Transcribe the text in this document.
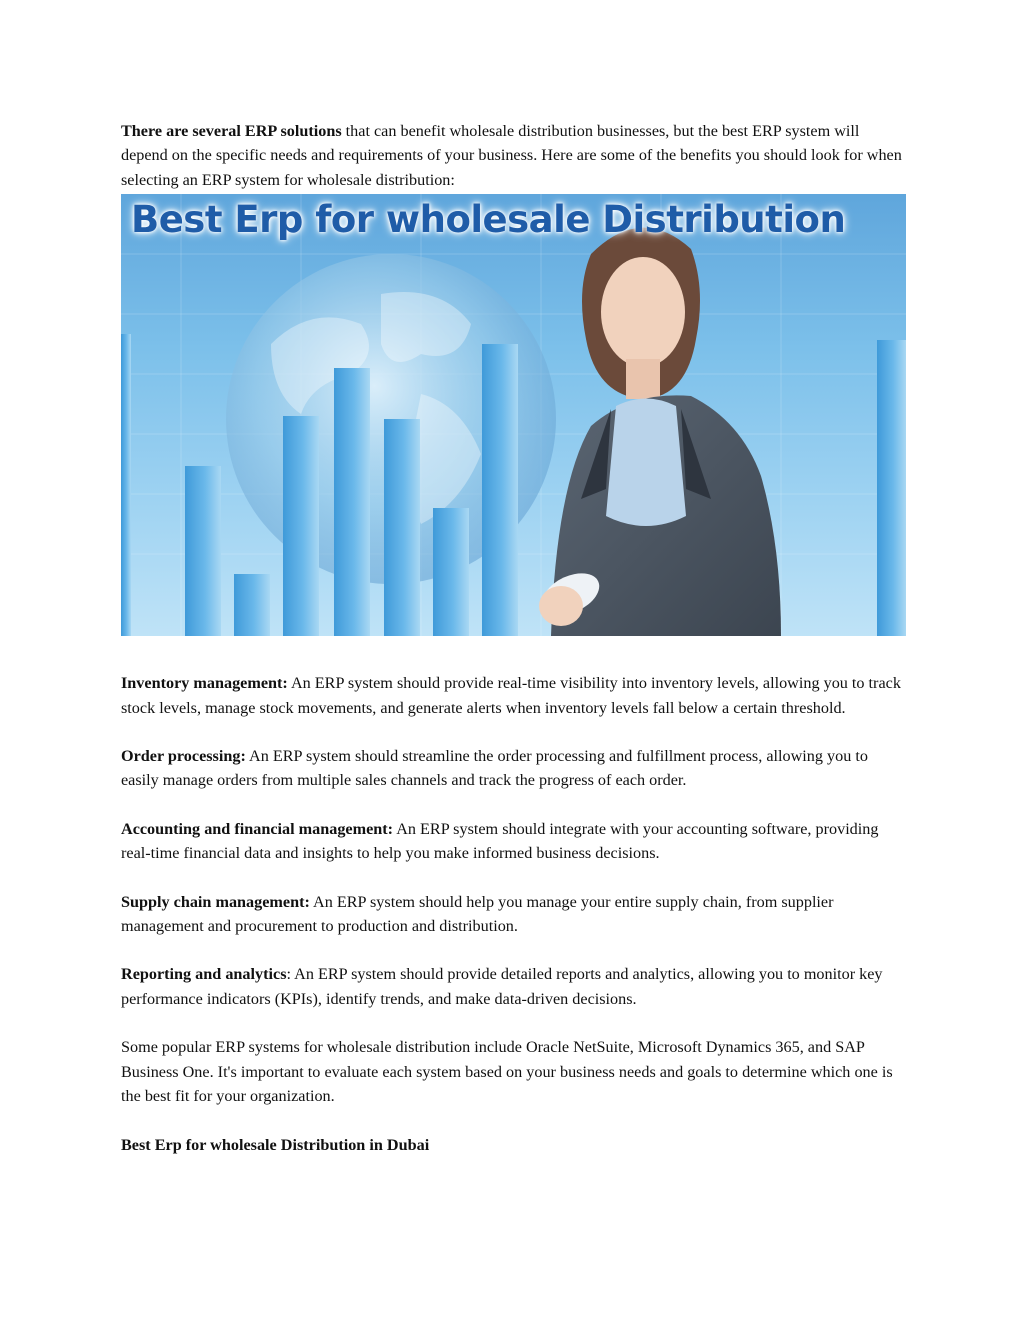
There are several ERP solutions that can benefit wholesale distribution businesses, but the best ERP system will depend on the specific needs and requirements of your business. Here are some of the benefits you should look for when selecting an ERP system for wholesale distribution:

Best Erp for wholesale Distribution

Inventory management: An ERP system should provide real-time visibility into inventory levels, allowing you to track stock levels, manage stock movements, and generate alerts when inventory levels fall below a certain threshold.

Order processing: An ERP system should streamline the order processing and fulfillment process, allowing you to easily manage orders from multiple sales channels and track the progress of each order.

Accounting and financial management: An ERP system should integrate with your accounting software, providing real-time financial data and insights to help you make informed business decisions.

Supply chain management: An ERP system should help you manage your entire supply chain, from supplier management and procurement to production and distribution.

Reporting and analytics: An ERP system should provide detailed reports and analytics, allowing you to monitor key performance indicators (KPIs), identify trends, and make data-driven decisions.

Some popular ERP systems for wholesale distribution include Oracle NetSuite, Microsoft Dynamics 365, and SAP Business One. It's important to evaluate each system based on your business needs and goals to determine which one is the best fit for your organization.

Best Erp for wholesale Distribution in Dubai
